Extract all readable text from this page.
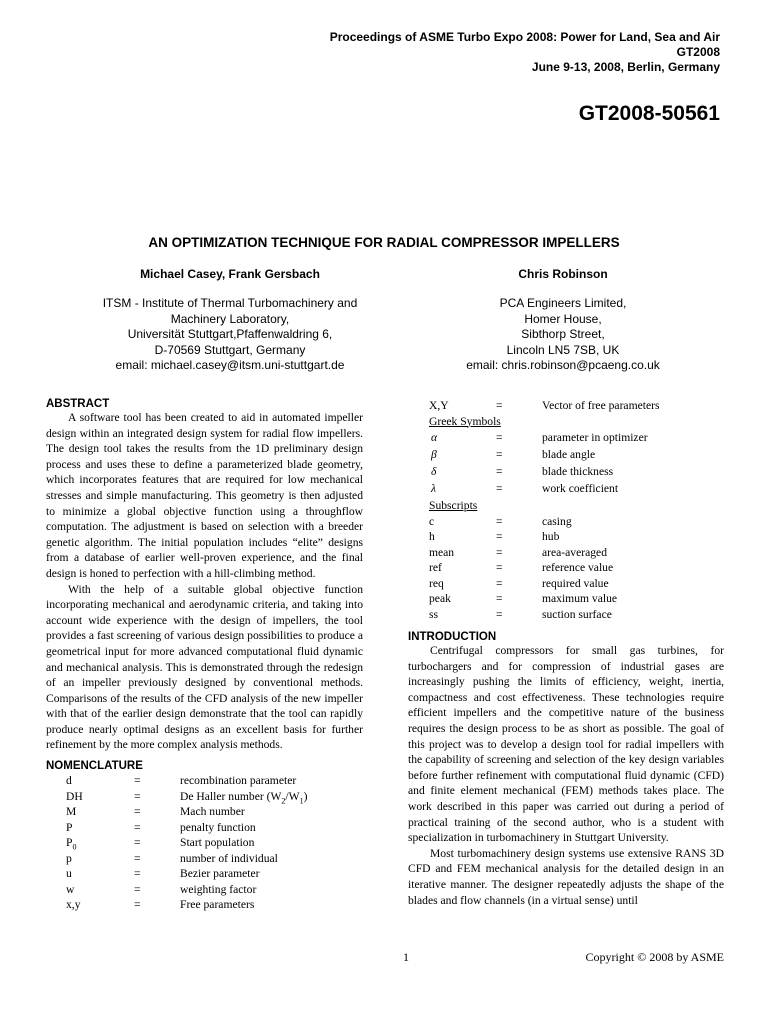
Proceedings of ASME Turbo Expo 2008: Power for Land, Sea and Air
GT2008
June 9-13, 2008, Berlin, Germany
GT2008-50561
AN OPTIMIZATION TECHNIQUE FOR RADIAL COMPRESSOR IMPELLERS
Michael Casey, Frank Gersbach	Chris Robinson
ITSM - Institute of Thermal Turbomachinery and
Machinery Laboratory,
Universität Stuttgart,Pfaffenwaldring 6,
D-70569 Stuttgart, Germany
email: michael.casey@itsm.uni-stuttgart.de
PCA Engineers Limited,
Homer House,
Sibthorp Street,
Lincoln LN5 7SB, UK
email: chris.robinson@pcaeng.co.uk
ABSTRACT

A software tool has been created to aid in automated impeller design within an integrated design system for radial flow impellers. The design tool takes the results from the 1D preliminary design process and uses these to define a parameterized blade geometry, which incorporates features that are required for low mechanical stresses and simple manufacturing. This geometry is then adjusted to minimize a global objective function using a throughflow computation. The adjustment is based on selection with a breeder genetic algorithm. The initial population includes “elite” designs from a database of earlier well-proven experience, and the final design is honed to perfection with a hill-climbing method.

With the help of a suitable global objective function incorporating mechanical and aerodynamic criteria, and taking into account wide experience with the design of impellers, the tool provides a fast screening of various design possibilities to produce a geometrical input for more advanced computational fluid dynamic and mechanical analysis. This is demonstrated through the redesign of an impeller previously designed by conventional methods. Comparisons of the results of the CFD analysis of the new impeller with that of the earlier design demonstrate that the tool can rapidly produce nearly optimal designs as an excellent basis for further refinement by the more complex analysis methods.

NOMENCLATURE
d	=	recombination parameter
DH	=	De Haller number $(W_2/W_1)$
M	=	Mach number
P	=	penalty function
$P_0$	=	Start population
p	=	number of individual
u	=	Bezier parameter
w	=	weighting factor
x,y	=	Free parameters
X,Y	=	Vector of free parameters
Greek Symbols
α	=	parameter in optimizer
β	=	blade angle
δ	=	blade thickness
λ	=	work coefficient
Subscripts
c	=	casing
h	=	hub
mean	=	area-averaged
ref	=	reference value
req	=	required value
peak	=	maximum value
ss	=	suction surface
INTRODUCTION

Centrifugal compressors for small gas turbines, for turbochargers and for compression of industrial gases are increasingly pushing the limits of efficiency, weight, inertia, compactness and cost effectiveness. These technologies require efficient impellers and the competitive nature of the business requires the design process to be as short as possible. The goal of this project was to develop a design tool for radial impellers with the capability of screening and selection of the key design variables before further refinement with computational fluid dynamic (CFD) and finite element mechanical (FEM) methods takes place. The work described in this paper was carried out during a period of practical training of the second author, who is a student with specialization in turbomachinery in Stuttgart University.

Most turbomachinery design systems use extensive RANS 3D CFD and FEM mechanical analysis for the detailed design in an iterative manner. The designer repeatedly adjusts the shape of the blades and flow channels (in a virtual sense) until

1	Copyright © 2008 by ASME
